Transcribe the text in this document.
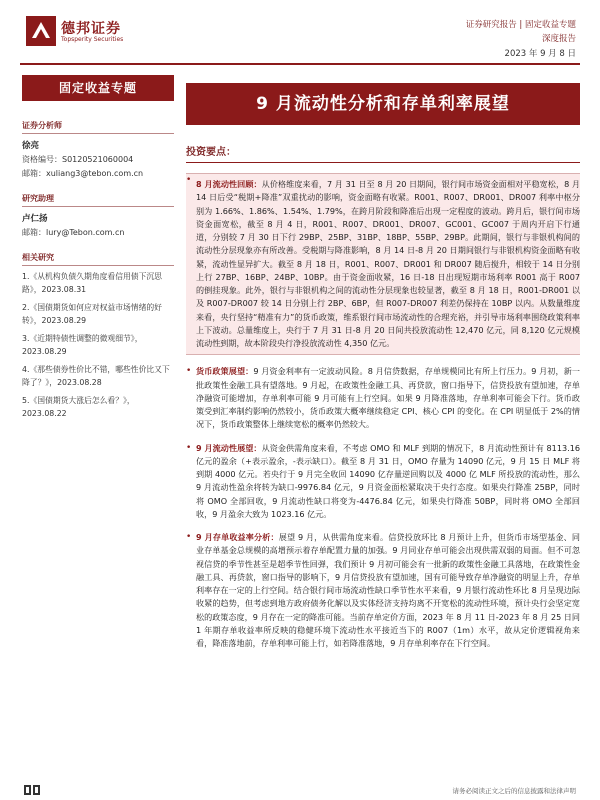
德邦证券
Topsperity Securities
证券研究报告 | 固定收益专题
深度报告
2023 年 9 月 8 日
固定收益专题
9 月流动性分析和存单利率展望
证券分析师
徐亮
资格编号：S0120521060004
邮箱：xuliang3@tebon.com.cn
研究助理
卢仁扬
邮箱：lury@Tebon.com.cn
相关研究
1.《从机构负债久期角度看信用债下沉思路》，2023.08.31
2.《国债期货如何应对权益市场情绪的好转》，2023.08.29
3.《近期特债性调整的微观细节》，2023.08.29
4.《那些债券性价比不错，哪些性价比又下降了？》，2023.08.28
5.《国债期货大涨后怎么看？》，2023.08.22
投资要点：
• 8 月流动性回顾：从价格维度来看，7 月 31 日至 8 月 20 日期间，银行间市场资金面相对平稳宽松，8 月 14 日后受“税期+降准”双重扰动的影响，资金面略有收紧。R001、R007、DR001、DR007 利率中枢分别为 1.66%、1.86%、1.54%、1.79%，在跨月阶段和降准后出现一定程度的波动。跨月后，银行间市场资金面宽松，截至 8 月 4 日，R001、R007、DR001、DR007、GC001、GC007 于周内开启下行通道，分别较 7 月 30 日下行 29BP、25BP、31BP、18BP、55BP、29BP。此期间，银行与非银机构间的流动性分层现象亦有所改善。受税期与降准影响，8 月 14 日-8 月 20 日期间银行与非银机构资金面略有收紧，流动性显异扩大。截至 8 月 18 日，R001、R007、DR001 和 DR007 随后搅升，相较于 14 日分别上行 27BP、16BP、24BP、10BP。由于资金面收紧，16 日-18 日出现短期市场利率 R001 高于 R007 的倒挂现象。此外，银行与非银机构之间的流动性分层现象也较显著，截至 8 月 18 日，R001-DR001 以及 R007-DR007 较 14 日分别上行 2BP、6BP，但 R007-DR007 利差仍保持在 10BP 以内。从数量维度来看，央行坚持“精准有力”的货币政策，维系银行间市场流动性的合理充裕，并引导市场利率围绕政策利率上下波动。总量维度上，央行于 7 月 31 日-8 月 20 日间共投放流动性 12,470 亿元，同 8,120 亿元规模流动性到期，故本阶段央行净投放流动性 4,350 亿元。
• 货币政策展望：9 月资金利率有一定波动风险。8 月信贷数据，存单规模同比有所上行压力。9 月初，新一批政策性金融工具有望落地。9 月起，在政策性金融工具、再贷款，窗口指导下，信贷投放有望加速，存单净融资可能增加，存单利率可能 9 月可能有上行空间。如果 9 月降准落地，存单利率可能会下行。货币政策受到汇率制约影响仍然较小，货币政策大概率继续稳定 CPI、核心 CPI 的变化。在 CPI 明显低于 2%的情况下，货币政策整体上继续宽松的概率仍然较大。
• 9 月流动性展望：从资金供需角度来看，不考虑 OMO 和 MLF 到期的情况下，8 月流动性预计有 8113.16 亿元的盈余（+表示盈余，-表示缺口）。截至 8 月 31 日，OMO 存量为 14090 亿元，9 月 15 日 MLF 将到期 4000 亿元。若央行于 9 月完全收回 14090 亿存量逆回购以及 4000 亿 MLF 所投放的流动性，那么 9 月流动性盈余将转为缺口-9976.84 亿元，9 月资金面松紧取决于央行态度。如果央行降准 25BP，同时将 OMO 全部回收，9 月流动性缺口将变为-4476.84 亿元，如果央行降准 50BP，同时将 OMO 全部回收，9 月盈余大致为 1023.16 亿元。
• 9 月存单收益率分析：展望 9 月，从供需角度来看。信贷投放环比 8 月预计上升，但货币市场型基金、同业存单基金总规模的高增预示着存单配置力量的加强。9 月同业存单可能会出现供需双弱的局面。但不可忽视信贷的季节性甚至是超季节性回弹，我们预计 9 月初可能会有一批新的政策性金融工具落地，在政策性金融工具、再贷款，窗口指导的影响下，9 月信贷投放有望加速，国有可能导致存单净融资的明显上升，存单利率存在一定的上行空间。结合银行间市场流动性缺口季节性水平来看，9 月银行流动性环比 8 月呈现边际收紧的趋势，但考虑到地方政府债务化解以及实体经济支持均离不开宽松的流动性环境，预计央行会坚定宽松的政策态度，9 月存在一定的降准可能。当前存单定价方面，2023 年 8 月 11 日-2023 年 8 月 25 日同 1 年期存单收益率所反映的稳健环境下流动性水平接近当下的 R007（1m）水平，故从定价逻辑视角来看，降准落地前，存单利率可能上行，如若降准落地，9 月存单利率存在下行空间。
请务必阅读正文之后的信息披露和法律声明
